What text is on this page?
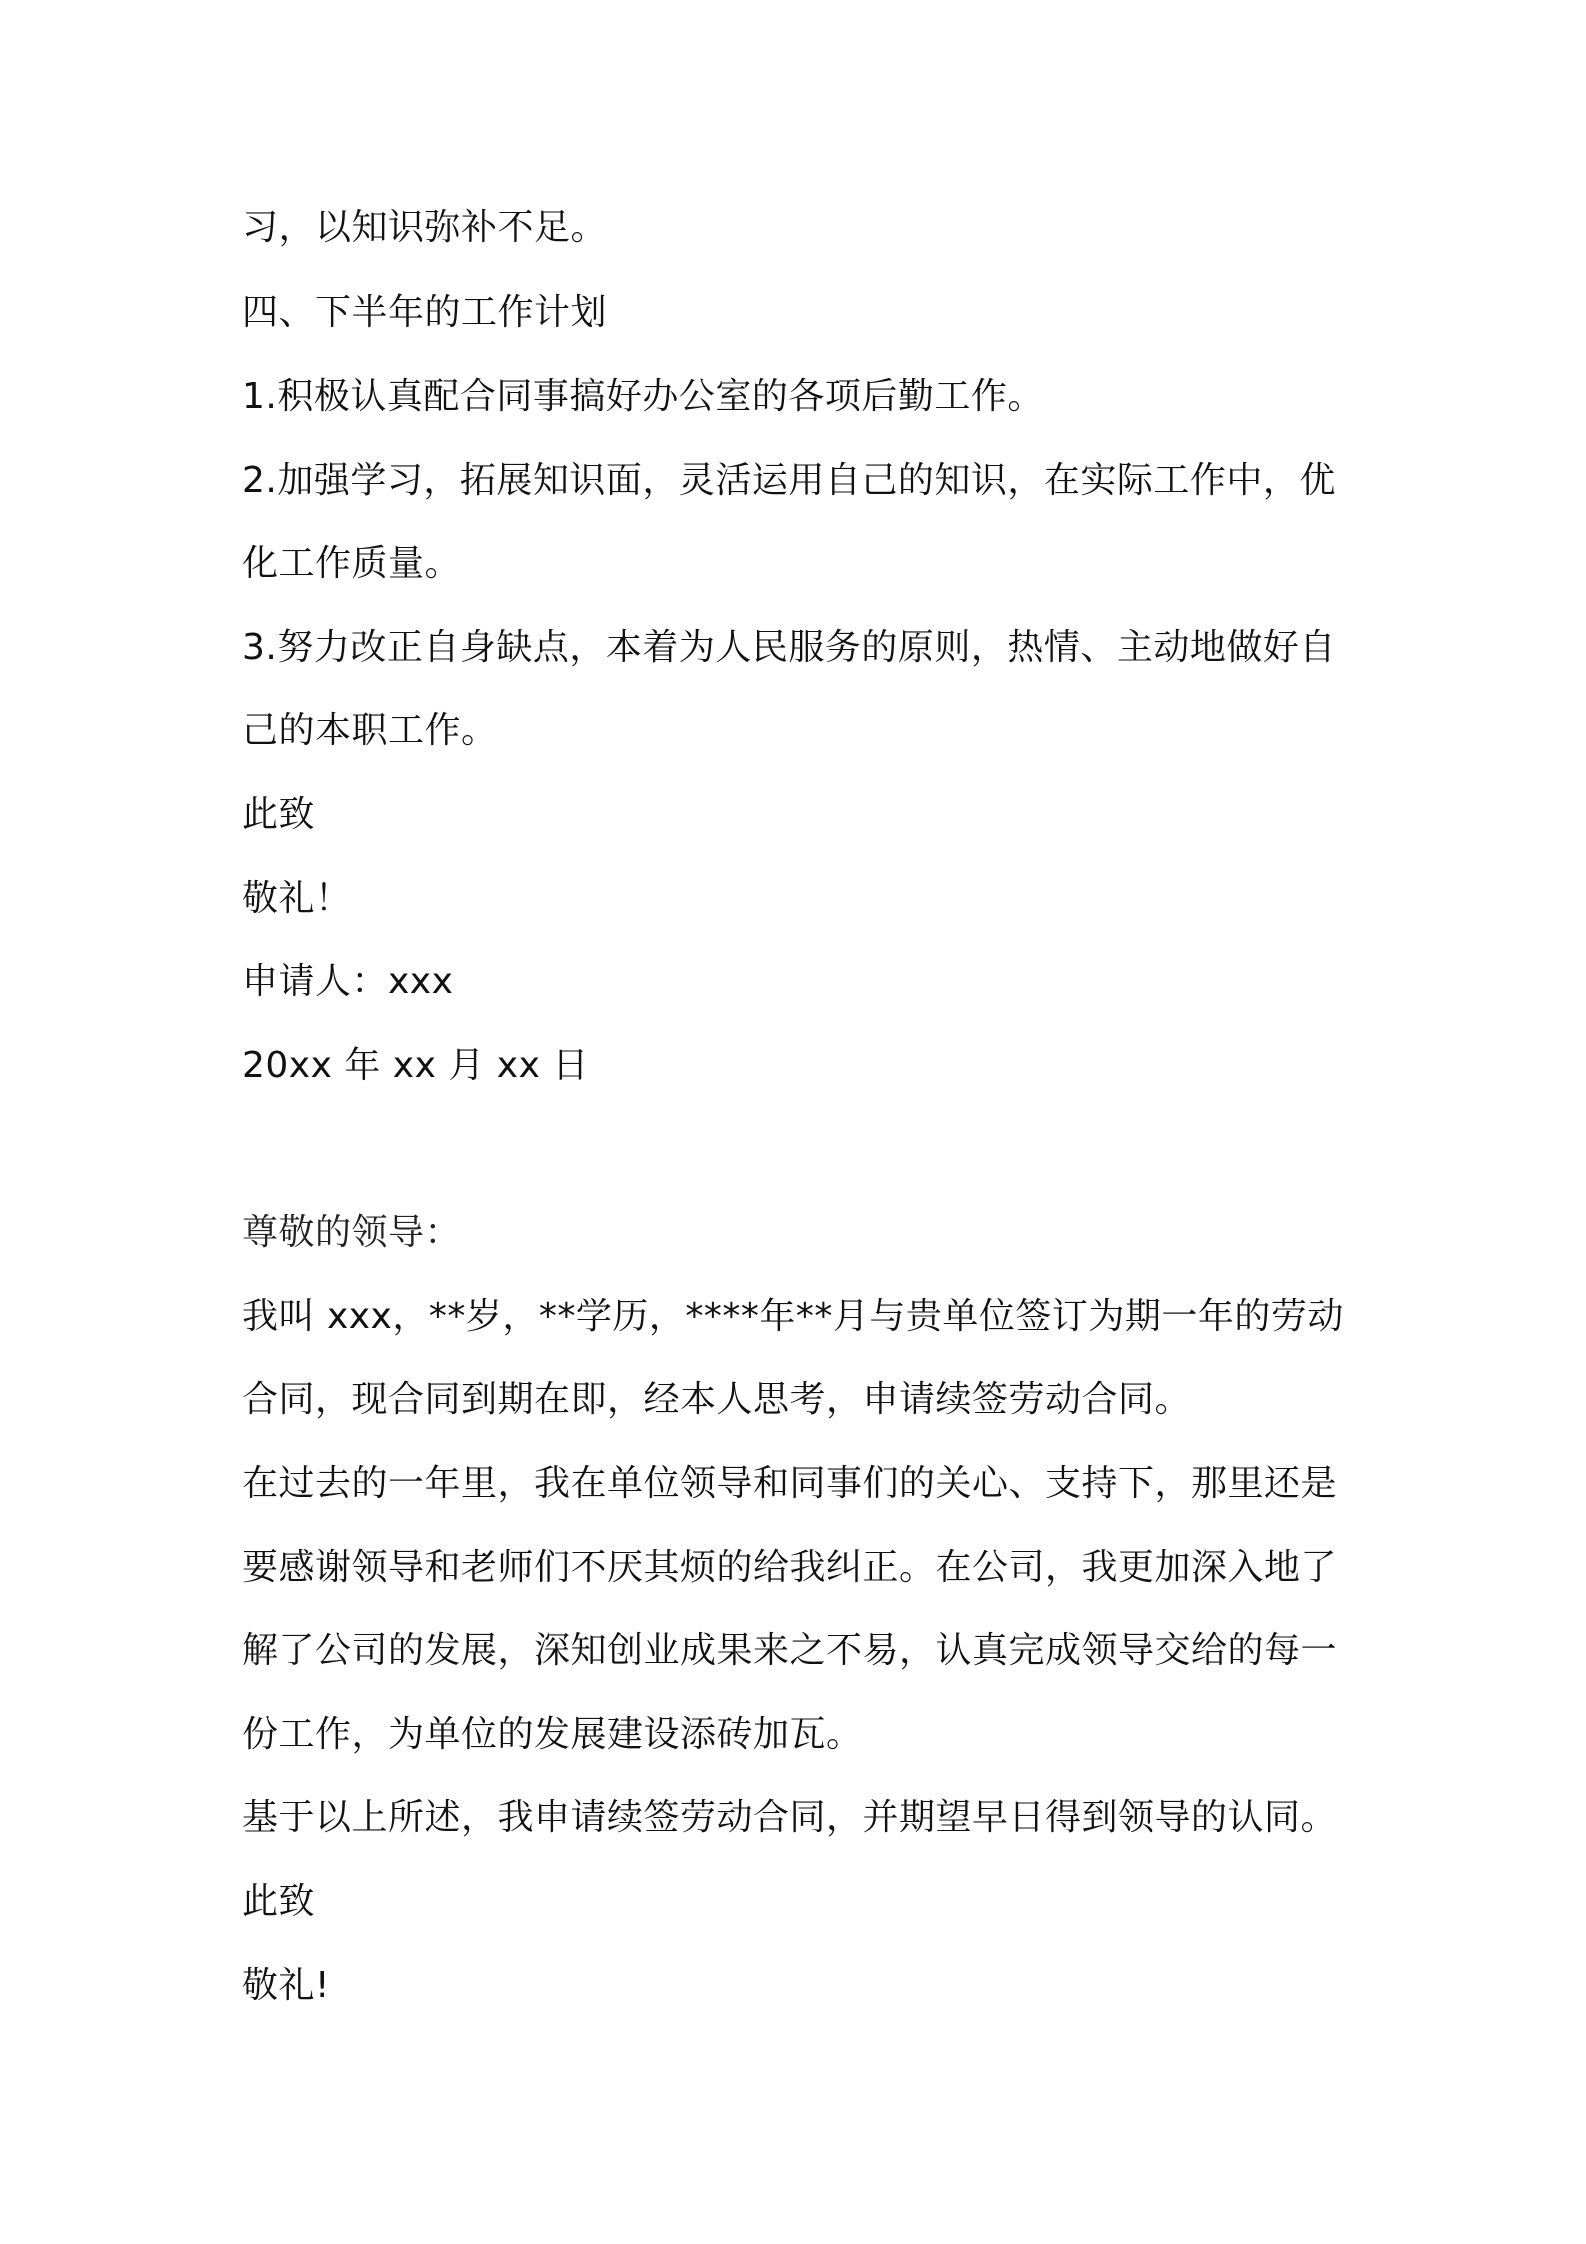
习，以知识弥补不足。
四、下半年的工作计划
1.积极认真配合同事搞好办公室的各项后勤工作。
2.加强学习，拓展知识面，灵活运用自己的知识，在实际工作中，优
化工作质量。
3.努力改正自身缺点，本着为人民服务的原则，热情、主动地做好自
己的本职工作。
此致
敬礼！
申请人：xxx
20xx 年 xx 月 xx 日
尊敬的领导：
我叫 xxx，**岁，**学历，****年**月与贵单位签订为期一年的劳动
合同，现合同到期在即，经本人思考，申请续签劳动合同。
在过去的一年里，我在单位领导和同事们的关心、支持下，那里还是
要感谢领导和老师们不厌其烦的给我纠正。在公司，我更加深入地了
解了公司的发展，深知创业成果来之不易，认真完成领导交给的每一
份工作，为单位的发展建设添砖加瓦。
基于以上所述，我申请续签劳动合同，并期望早日得到领导的认同。
此致
敬礼!
